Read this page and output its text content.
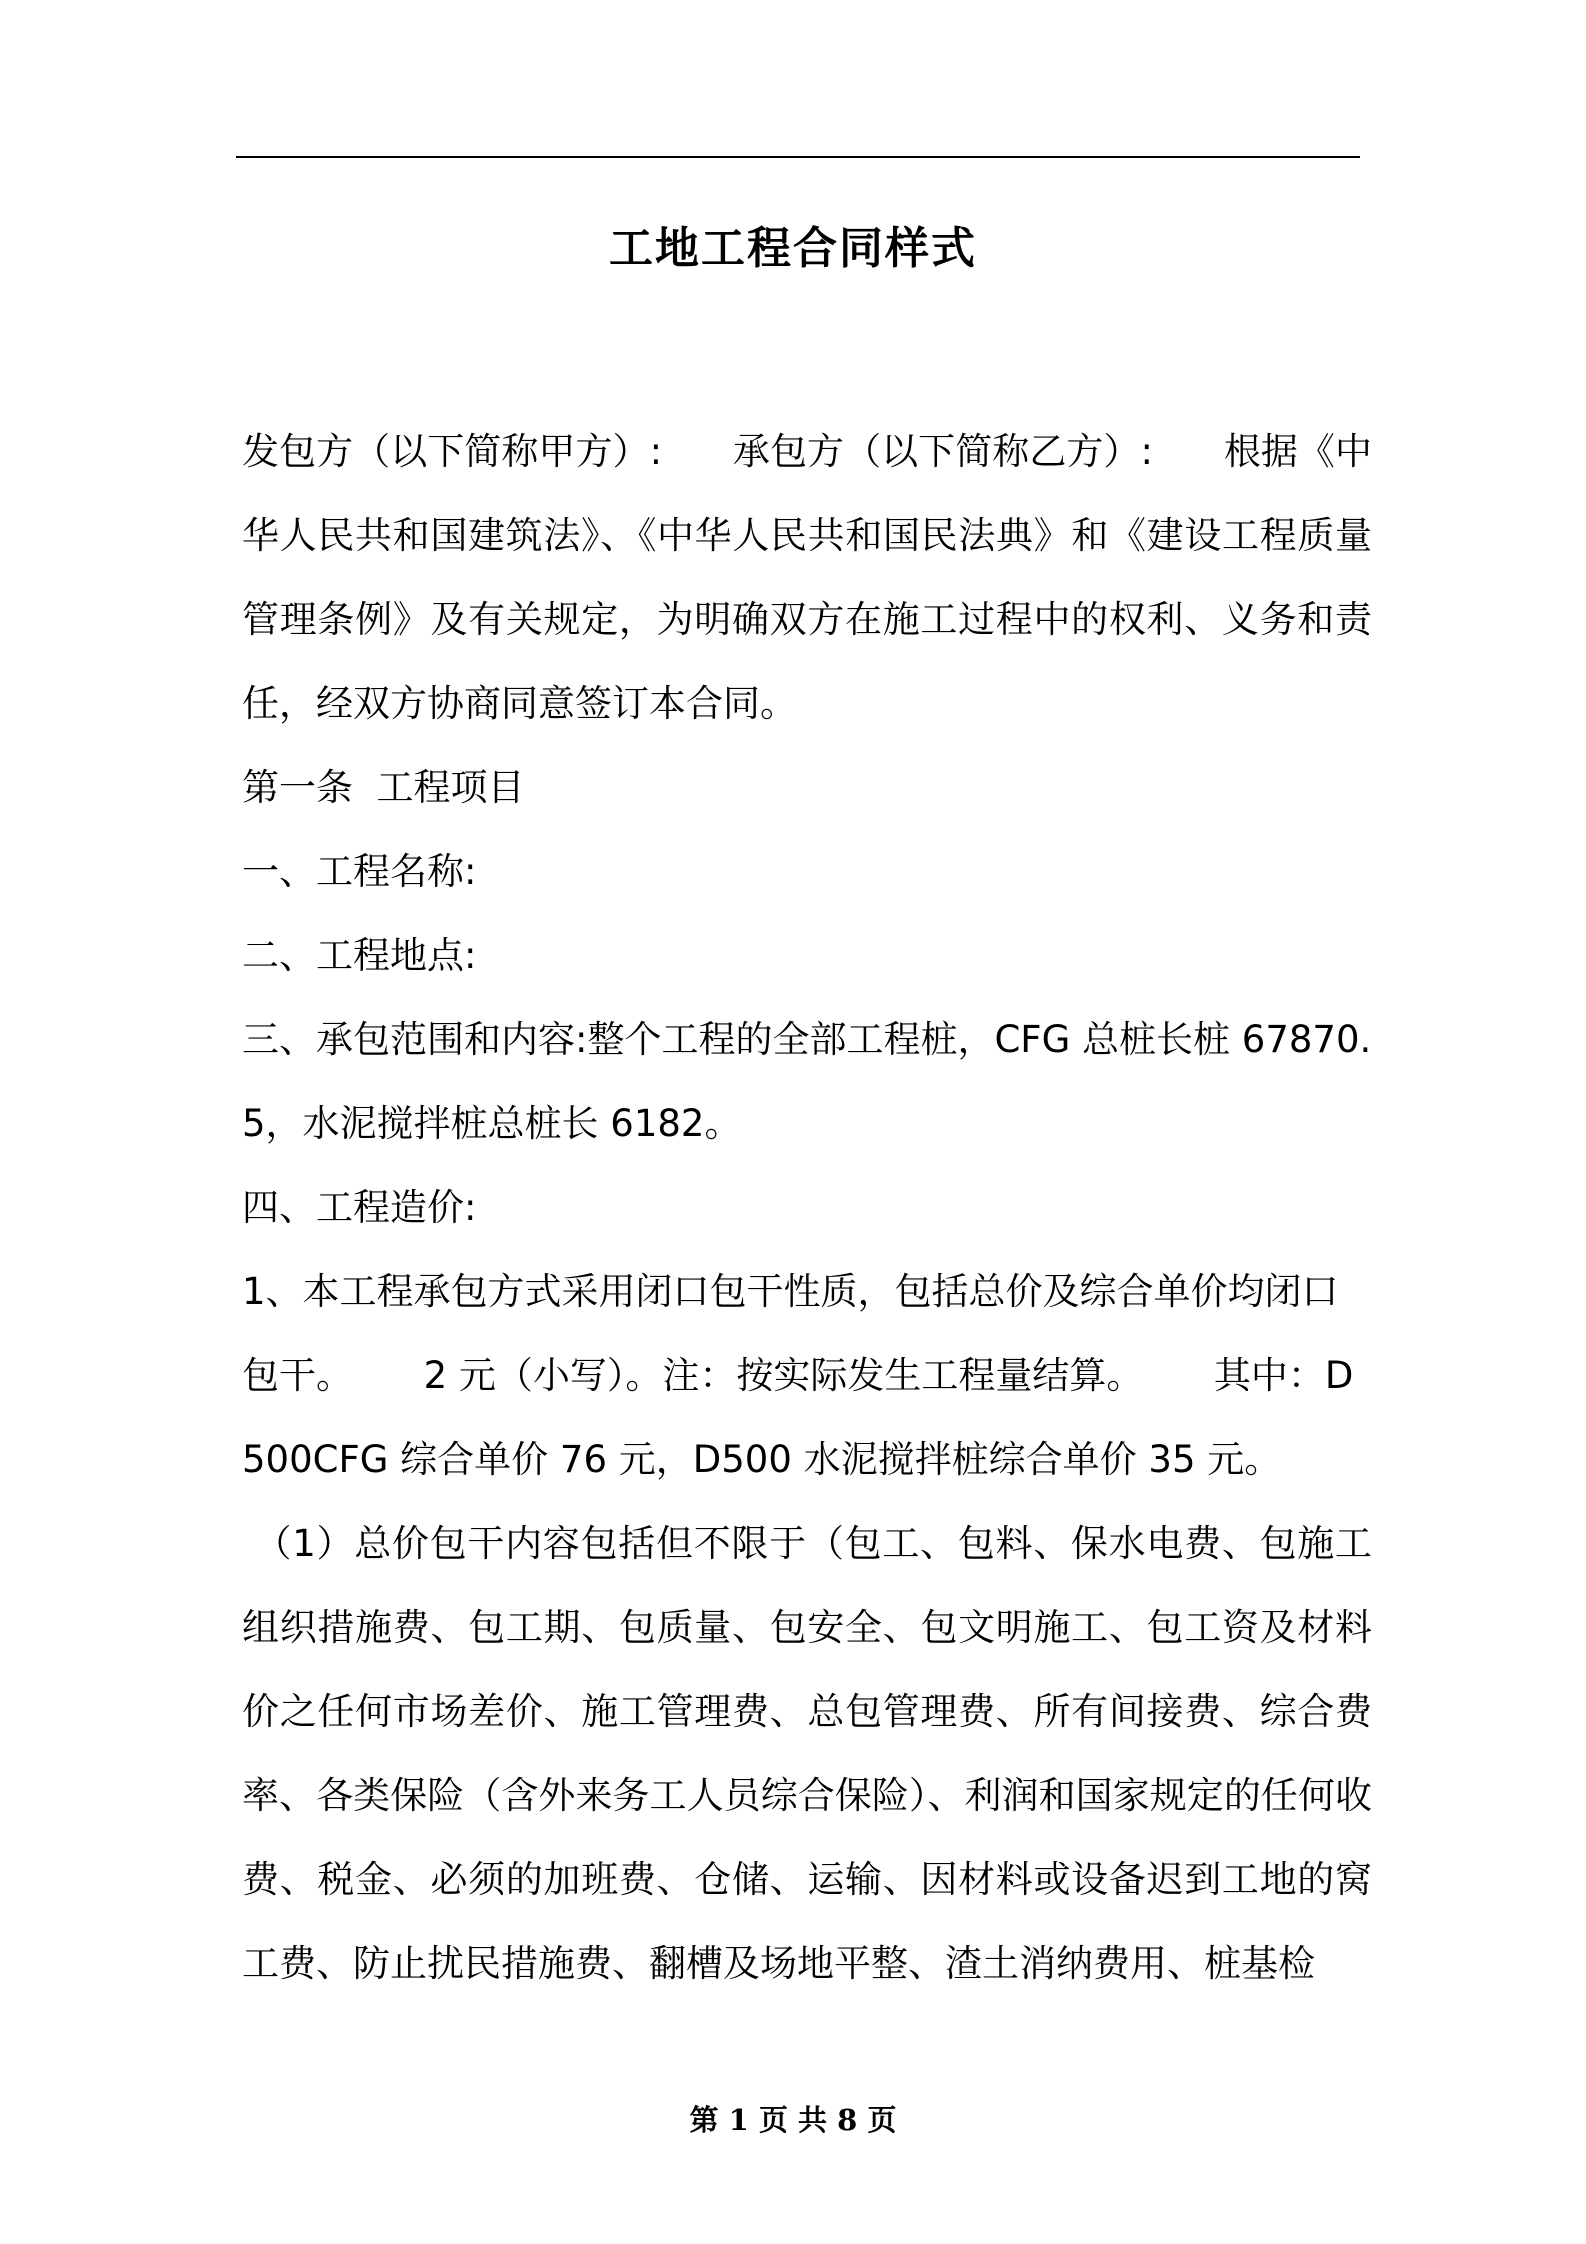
工地工程合同样式

发包方（以下简称甲方）:      承包方（以下简称乙方）:      根据《中华人民共和国建筑法》、《中华人民共和国民法典》和《建设工程质量管理条例》及有关规定，为明确双方在施工过程中的权利、义务和责任，经双方协商同意签订本合同。

第一条  工程项目

一、工程名称:

二、工程地点:

三、承包范围和内容:整个工程的全部工程桩，CFG 总桩长桩 67870.5，水泥搅拌桩总桩长 6182。

四、工程造价:

1、本工程承包方式采用闭口包干性质，包括总价及综合单价均闭口包干。      2 元（小写）。注：按实际发生工程量结算。      其中：D500CFG 综合单价 76 元，D500 水泥搅拌桩综合单价 35 元。

（1）总价包干内容包括但不限于（包工、包料、保水电费、包施工组织措施费、包工期、包质量、包安全、包文明施工、包工资及材料价之任何市场差价、施工管理费、总包管理费、所有间接费、综合费率、各类保险（含外来务工人员综合保险）、利润和国家规定的任何收费、税金、必须的加班费、仓储、运输、因材料或设备迟到工地的窝工费、防止扰民措施费、翻槽及场地平整、渣土消纳费用、桩基检

第 1 页 共 8 页
